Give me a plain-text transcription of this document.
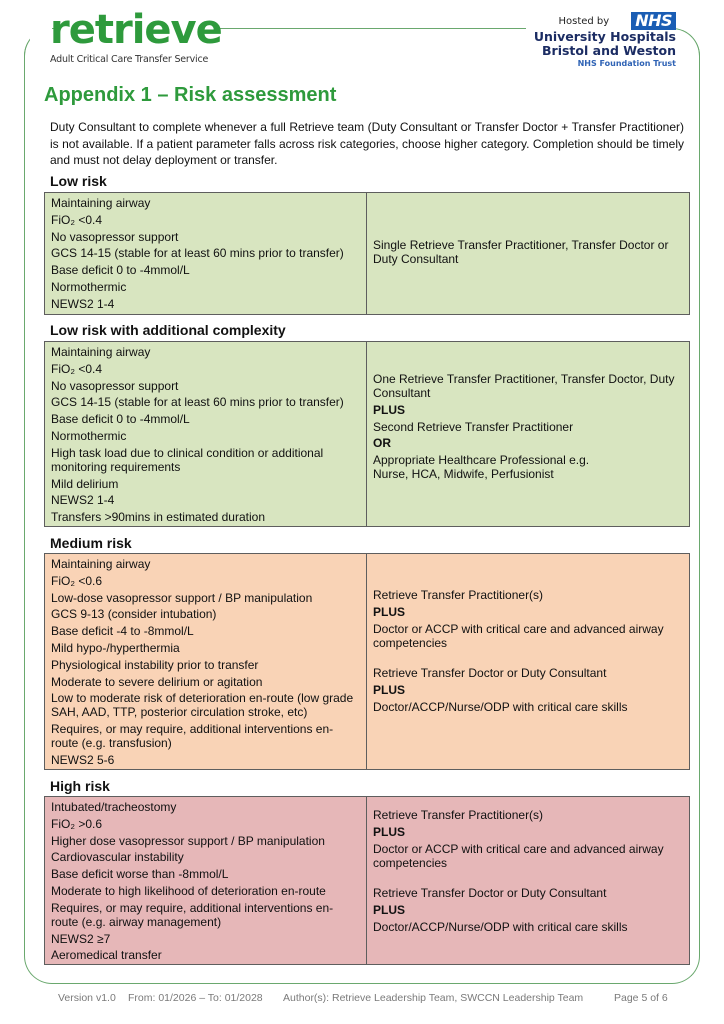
retrieve
Adult Critical Care Transfer Service
Hosted by NHS
University Hospitals
Bristol and Weston
NHS Foundation Trust
Appendix 1 – Risk assessment
Duty Consultant to complete whenever a full Retrieve team (Duty Consultant or Transfer Doctor + Transfer Practitioner) is not available. If a patient parameter falls across risk categories, choose higher category. Completion should be timely and must not delay deployment or transfer.
Low risk
Maintaining airway
FiO₂ <0.4
No vasopressor support
GCS 14-15 (stable for at least 60 mins prior to transfer)
Base deficit 0 to -4mmol/L
Normothermic
NEWS2 1-4
Single Retrieve Transfer Practitioner, Transfer Doctor or Duty Consultant
Low risk with additional complexity
Maintaining airway
FiO₂ <0.4
No vasopressor support
GCS 14-15 (stable for at least 60 mins prior to transfer)
Base deficit 0 to -4mmol/L
Normothermic
High task load due to clinical condition or additional monitoring requirements
Mild delirium
NEWS2 1-4
Transfers >90mins in estimated duration
One Retrieve Transfer Practitioner, Transfer Doctor, Duty Consultant
PLUS
Second Retrieve Transfer Practitioner
OR
Appropriate Healthcare Professional e.g. Nurse, HCA, Midwife, Perfusionist
Medium risk
Maintaining airway
FiO₂ <0.6
Low-dose vasopressor support / BP manipulation
GCS 9-13 (consider intubation)
Base deficit -4 to -8mmol/L
Mild hypo-/hyperthermia
Physiological instability prior to transfer
Moderate to severe delirium or agitation
Low to moderate risk of deterioration en-route (low grade SAH, AAD, TTP, posterior circulation stroke, etc)
Requires, or may require, additional interventions en-route (e.g. transfusion)
NEWS2 5-6
Retrieve Transfer Practitioner(s)
PLUS
Doctor or ACCP with critical care and advanced airway competencies
Retrieve Transfer Doctor or Duty Consultant
PLUS
Doctor/ACCP/Nurse/ODP with critical care skills
High risk
Intubated/tracheostomy
FiO₂ >0.6
Higher dose vasopressor support / BP manipulation
Cardiovascular instability
Base deficit worse than -8mmol/L
Moderate to high likelihood of deterioration en-route
Requires, or may require, additional interventions en-route (e.g. airway management)
NEWS2 ≥7
Aeromedical transfer
Retrieve Transfer Practitioner(s)
PLUS
Doctor or ACCP with critical care and advanced airway competencies
Retrieve Transfer Doctor or Duty Consultant
PLUS
Doctor/ACCP/Nurse/ODP with critical care skills
Version v1.0 From: 01/2026 – To: 01/2028 Author(s): Retrieve Leadership Team, SWCCN Leadership Team	Page 5 of 6
